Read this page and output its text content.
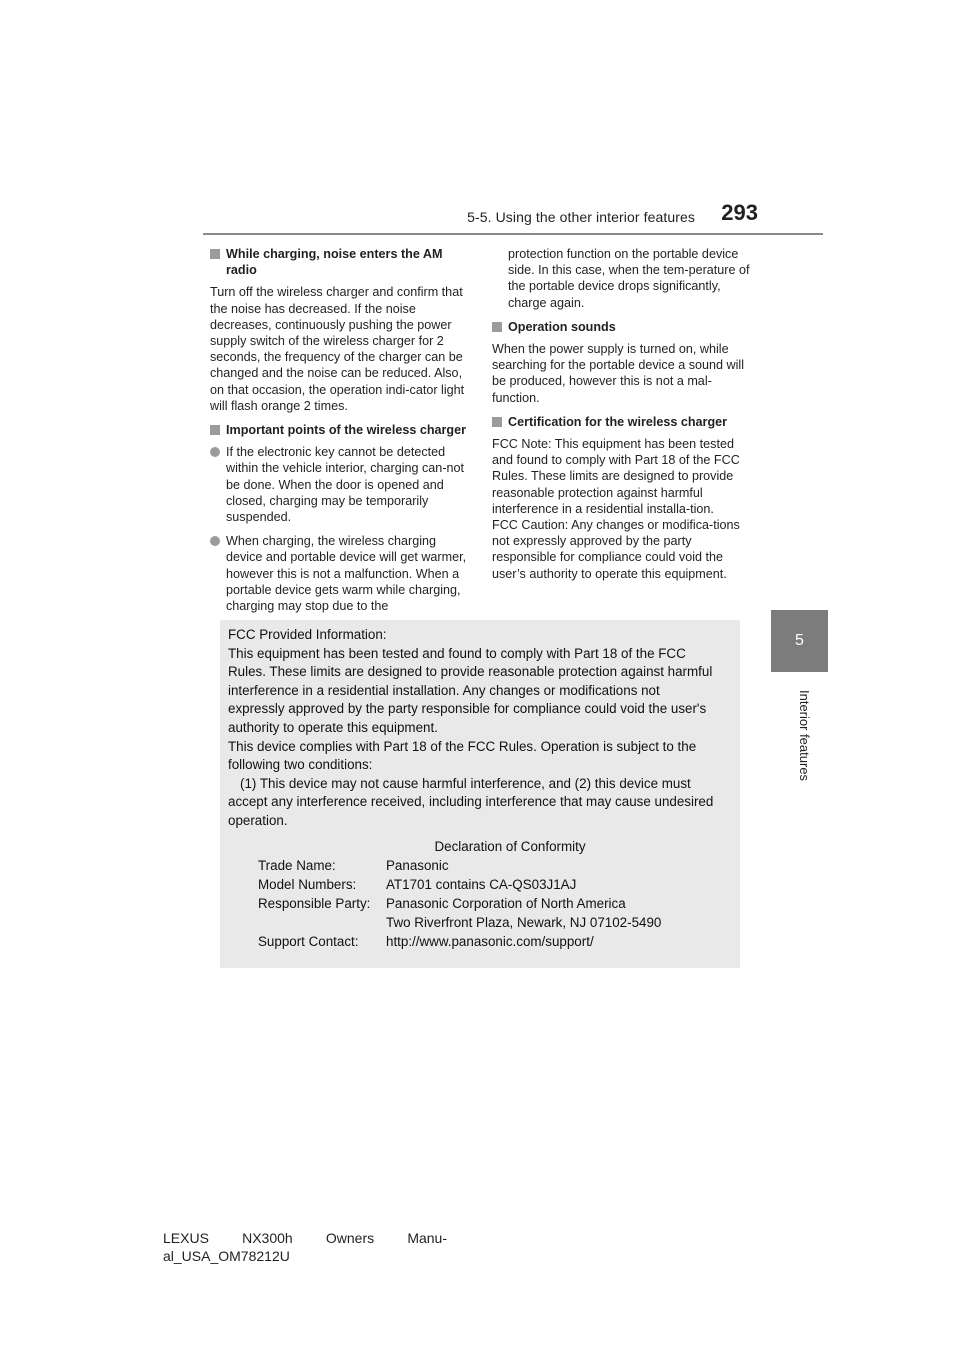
5-5. Using the other interior features	293
5
Interior features

While charging, noise enters the AM radio

Turn off the wireless charger and confirm that the noise has decreased. If the noise decreases, continuously pushing the power supply switch of the wireless charger for 2 seconds, the frequency of the charger can be changed and the noise can be reduced. Also, on that occasion, the operation indi-cator light will flash orange 2 times.

Important points of the wireless charger

If the electronic key cannot be detected within the vehicle interior, charging can-not be done. When the door is opened and closed, charging may be temporarily suspended.

When charging, the wireless charging device and portable device will get warmer, however this is not a malfunction. When a portable device gets warm while charging, charging may stop due to the

protection function on the portable device side. In this case, when the tem-perature of the portable device drops significantly, charge again.

Operation sounds

When the power supply is turned on, while searching for the portable device a sound will be produced, however this is not a mal-function.

Certification for the wireless charger

FCC Note: This equipment has been tested and found to comply with Part 18 of the FCC Rules. These limits are designed to provide reasonable protection against harmful interference in a residential installa-tion.

FCC Caution: Any changes or modifica-tions not expressly approved by the party responsible for compliance could void the user’s authority to operate this equipment.

FCC Provided Information:
This equipment has been tested and found to comply with Part 18 of the FCC
Rules. These limits are designed to provide reasonable protection against harmful
interference in a residential installation. Any changes or modifications not
expressly approved by the party responsible for compliance could void the user's
authority to operate this equipment.
This device complies with Part 18 of the FCC Rules. Operation is subject to the
following two conditions:
(1) This device may not cause harmful interference, and (2) this device must
accept any interference received, including interference that may cause undesired
operation.
Declaration of Conformity
Trade Name:	Panasonic
Model Numbers:	AT1701 contains CA-QS03J1AJ
Responsible Party:	Panasonic Corporation of North America
Two Riverfront Plaza, Newark, NJ 07102-5490
Support Contact:	http://www.panasonic.com/support/
LEXUS NX300h Owners Manu-
al_USA_OM78212U
